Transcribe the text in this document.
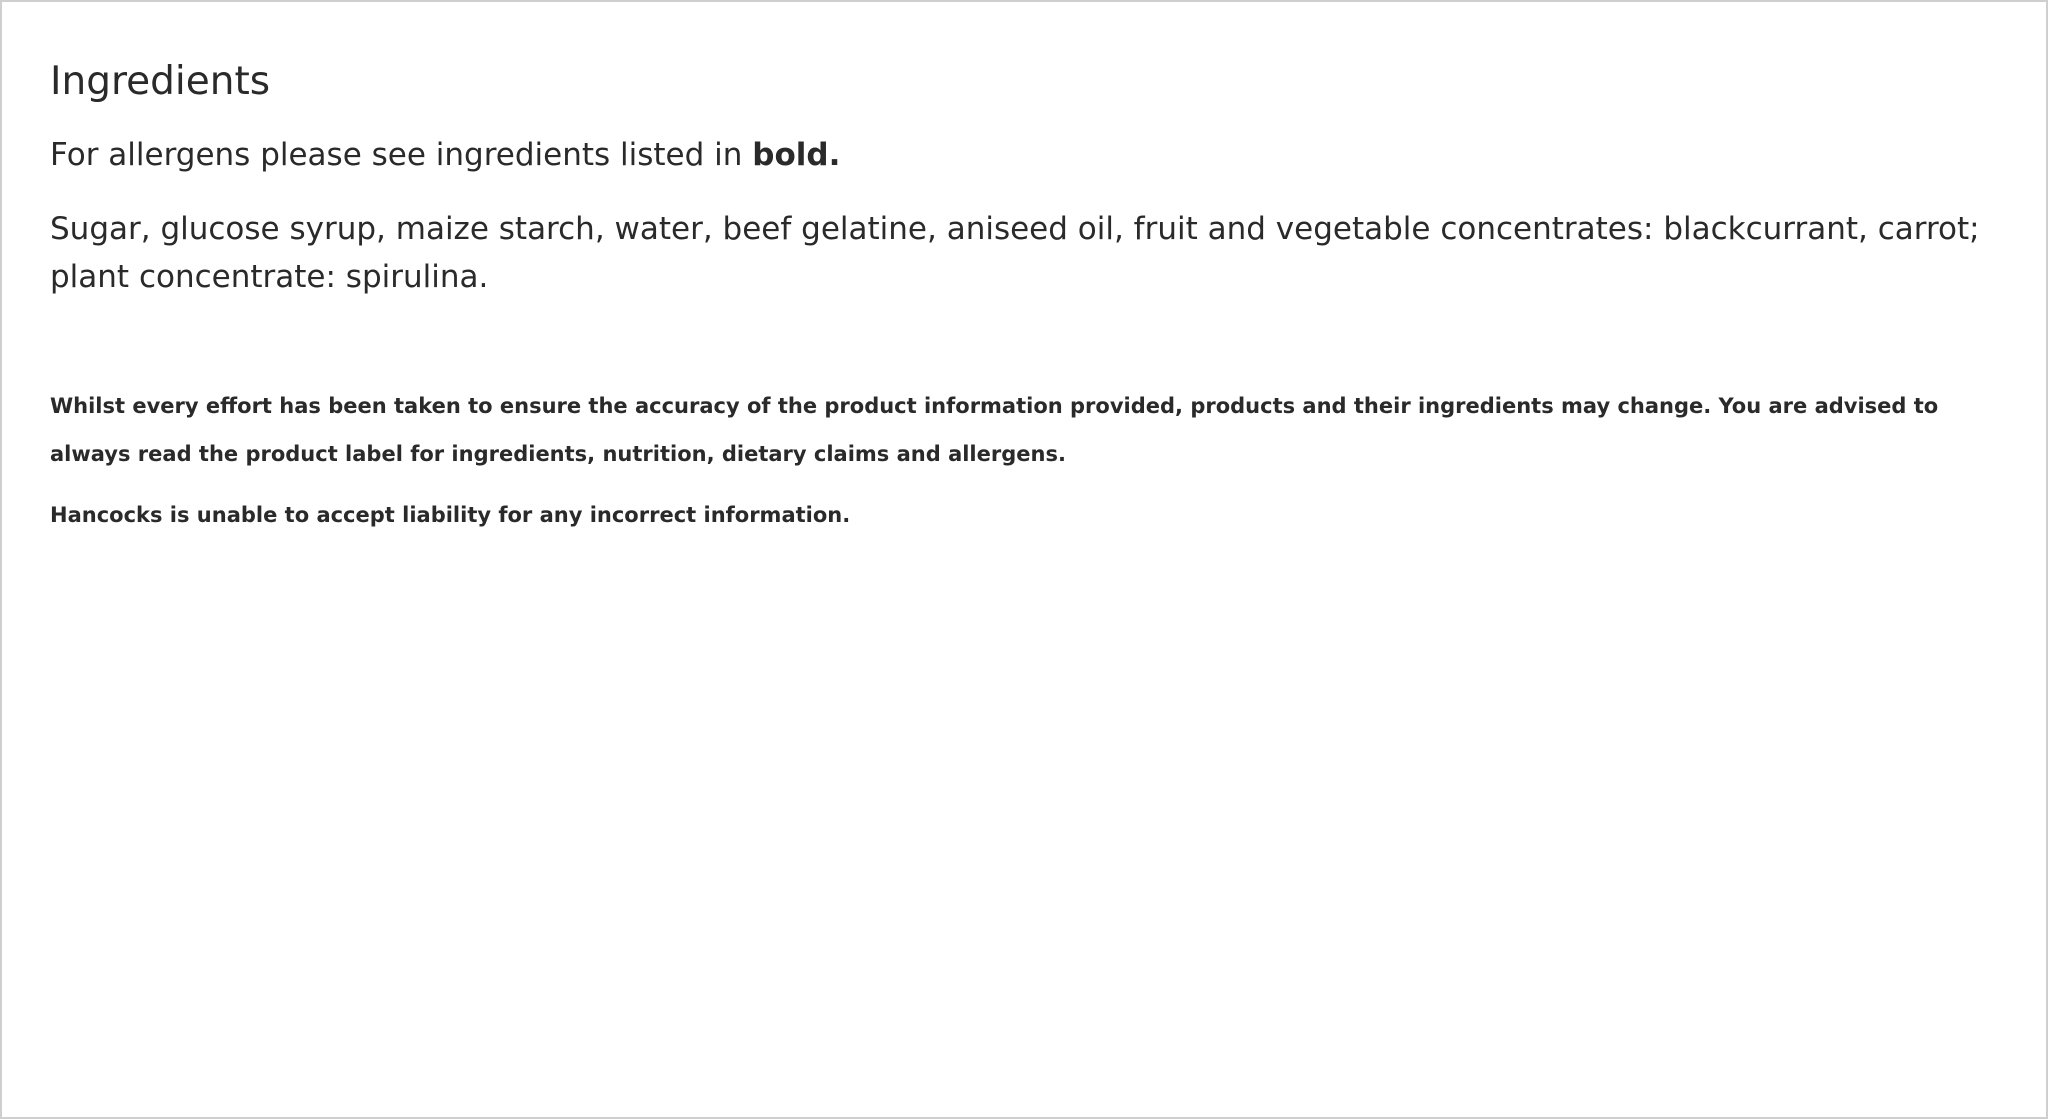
Ingredients

For allergens please see ingredients listed in bold.

Sugar, glucose syrup, maize starch, water, beef gelatine, aniseed oil, fruit and vegetable concentrates: blackcurrant, carrot; plant concentrate: spirulina.

Whilst every effort has been taken to ensure the accuracy of the product information provided, products and their ingredients may change. You are advised to always read the product label for ingredients, nutrition, dietary claims and allergens.

Hancocks is unable to accept liability for any incorrect information.
